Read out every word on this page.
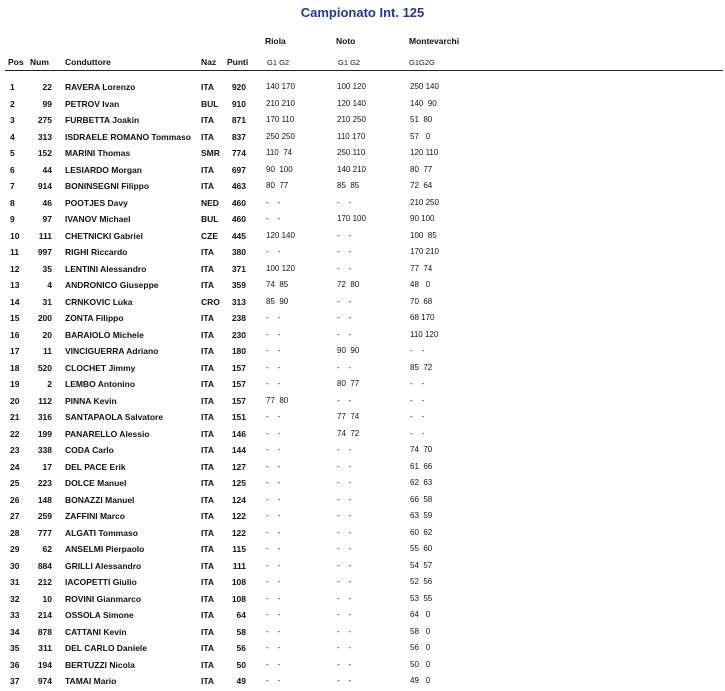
Campionato Int. 125
Riola	Noto	Montevarchi
Pos Num Conduttore	Naz Punti	G1 G2	G1 G2	G1G2G
1	22 RAVERA Lorenzo	ITA	920	140 170	100 120	250 140
2	99 PETROV Ivan	BUL	910	210 210	120 140	140  90
3	275 FURBETTA Joakin	ITA	871	170 110	210 250	51  80
4	313 ISDRAELE ROMANO Tommaso ITA	837	250 250	110 170	57   0
5	152 MARINI Thomas	SMR	774	110  74	250 110	120 110
6	44 LESIARDO Morgan	ITA	697	90  100	140 210	80  77
7	914 BONINSEGNI Filippo	ITA	463	80  77	85  85	72  64
8	46 POOTJES Davy	NED	460	-    -	-    -	210 250
9	97 IVANOV Michael	BUL	460	-    -	170 100	90 100
10	111 CHETNICKI Gabriel	CZE	445	120 140	-    -	100  85
11	997 RIGHI Riccardo	ITA	380	-    -	-    -	170 210
12	35 LENTINI Alessandro	ITA	371	100 120	-    -	77  74
13	4 ANDRONICO Giuseppe	ITA	359	74  85	72  80	48   0
14	31 CRNKOVIC Luka	CRO	313	85  90	-    -	70  68
15	200 ZONTA Filippo	ITA	238	-    -	-    -	68 170
16	20 BARAIOLO Michele	ITA	230	-    -	-    -	110 120
17	11 VINCIGUERRA Adriano	ITA	180	-    -	90  90	-    -
18	520 CLOCHET Jimmy	ITA	157	-    -	-    -	85  72
19	2 LEMBO Antonino	ITA	157	-    -	80  77	-    -
20	112 PINNA Kevin	ITA	157	77  80	-    -	-    -
21	316 SANTAPAOLA Salvatore	ITA	151	-    -	77  74	-    -
22	199 PANARELLO Alessio	ITA	146	-    -	74  72	-    -
23	338 CODA Carlo	ITA	144	-    -	-    -	74  70
24	17 DEL PACE Erik	ITA	127	-    -	-    -	61  66
25	223 DOLCE Manuel	ITA	125	-    -	-    -	62  63
26	148 BONAZZI Manuel	ITA	124	-    -	-    -	66  58
27	259 ZAFFINI Marco	ITA	122	-    -	-    -	63  59
28	777 ALGATI Tommaso	ITA	122	-    -	-    -	60  62
29	62 ANSELMI Pierpaolo	ITA	115	-    -	-    -	55  60
30	884 GRILLI Alessandro	ITA	111	-    -	-    -	54  57
31	212 IACOPETTI Giulio	ITA	108	-    -	-    -	52  56
32	10 ROVINI Gianmarco	ITA	108	-    -	-    -	53  55
33	214 OSSOLA Simone	ITA	64	-    -	-    -	64   0
34	878 CATTANI Kevin	ITA	58	-    -	-    -	58   0
35	311 DEL CARLO Daniele	ITA	56	-    -	-    -	56   0
36	194 BERTUZZI Nicola	ITA	50	-    -	-    -	50   0
37	974 TAMAI Mario	ITA	49	-    -	-    -	49   0
